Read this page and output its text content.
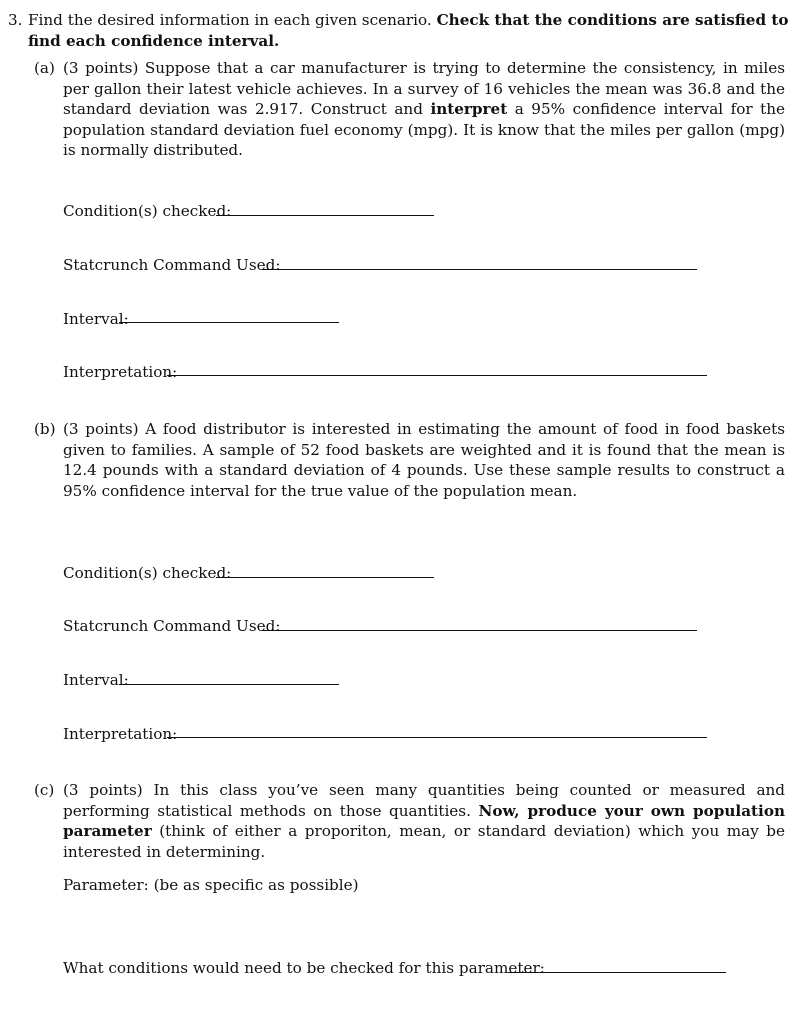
3. Find the desired information in each given scenario. Check that the conditions are satisfied to find each confidence interval.
(a) (3 points) Suppose that a car manufacturer is trying to determine the consistency, in miles per gallon their latest vehicle achieves. In a survey of 16 vehicles the mean was 36.8 and the standard deviation was 2.917. Construct and interpret a 95% confidence interval for the population standard deviation fuel economy (mpg). It is know that the miles per gallon (mpg) is normally distributed.
Condition(s) checked:
Statcrunch Command Used:
Interval:
Interpretation:
(b) (3 points) A food distributor is interested in estimating the amount of food in food baskets given to families. A sample of 52 food baskets are weighted and it is found that the mean is 12.4 pounds with a standard deviation of 4 pounds. Use these sample results to construct a 95% confidence interval for the true value of the population mean.
Condition(s) checked:
Statcrunch Command Used:
Interval:
Interpretation:
(c) (3 points) In this class you’ve seen many quantities being counted or measured and performing statistical methods on those quantities. Now, produce your own population parameter (think of either a proporiton, mean, or standard deviation) which you may be interested in determining.
Parameter: (be as specific as possible)
What conditions would need to be checked for this parameter:
